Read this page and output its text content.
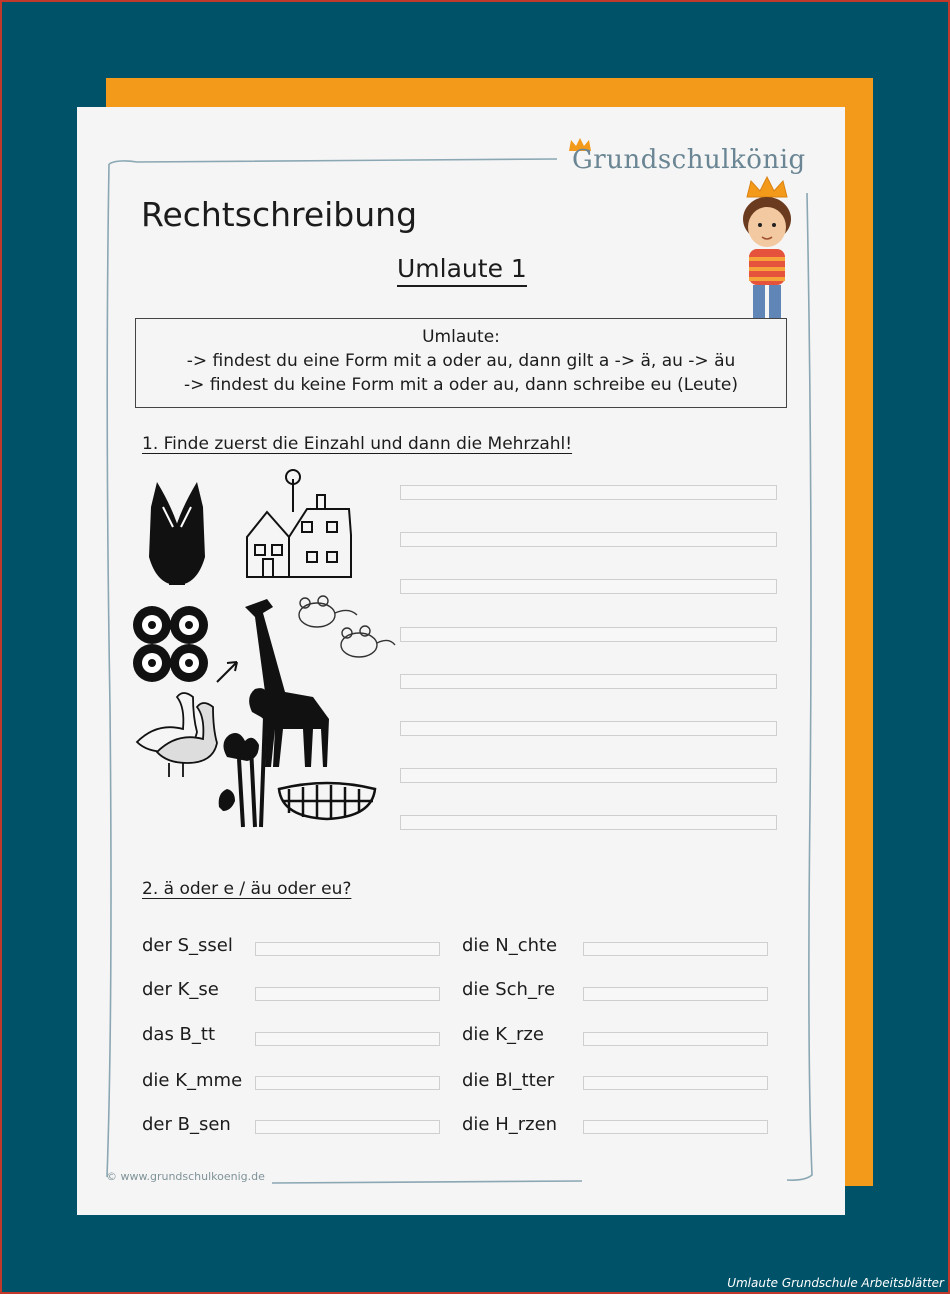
Grundschulkönig
Rechtschreibung
Umlaute 1
Umlaute:
-> findest du eine Form mit a oder au, dann gilt a -> ä, au -> äu
-> findest du keine Form mit a oder au, dann schreibe eu (Leute)
1. Finde zuerst die Einzahl und dann die Mehrzahl!
2. ä oder e / äu oder eu?
der S_ssel	die N_chte
der K_se	die Sch_re
das B_tt	die K_rze
die K_mme	die Bl_tter
der B_sen	die H_rzen
© www.grundschulkoenig.de
Umlaute Grundschule Arbeitsblätter
